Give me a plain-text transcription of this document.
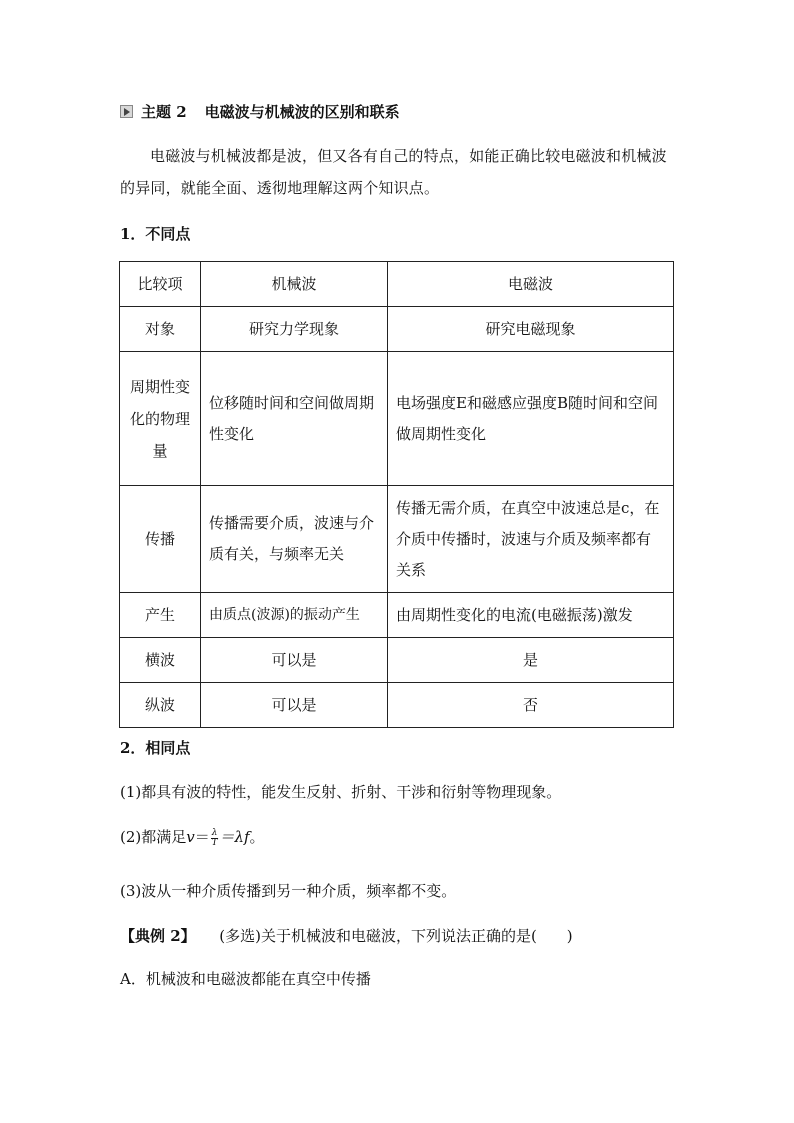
主题 2 电磁波与机械波的区别和联系
电磁波与机械波都是波，但又各有自己的特点，如能正确比较电磁波和机械波的异同，就能全面、透彻地理解这两个知识点。
1．不同点
比较项	机械波	电磁波
对象	研究力学现象	研究电磁现象
周期性变化的物理量	位移随时间和空间做周期性变化	电场强度E和磁感应强度B随时间和空间做周期性变化
传播	传播需要介质，波速与介质有关，与频率无关	传播无需介质，在真空中波速总是c，在介质中传播时，波速与介质及频率都有关系
产生	由质点(波源)的振动产生	由周期性变化的电流(电磁振荡)激发
横波	可以是	是
纵波	可以是	否
2．相同点
(1)都具有波的特性，能发生反射、折射、干涉和衍射等物理现象。
(2)都满足$v= \frac{\lambda}{T} =\lambda f$。
(3)波从一种介质传播到另一种介质，频率都不变。
【典例 2】 (多选)关于机械波和电磁波，下列说法正确的是(　　)
A．机械波和电磁波都能在真空中传播
